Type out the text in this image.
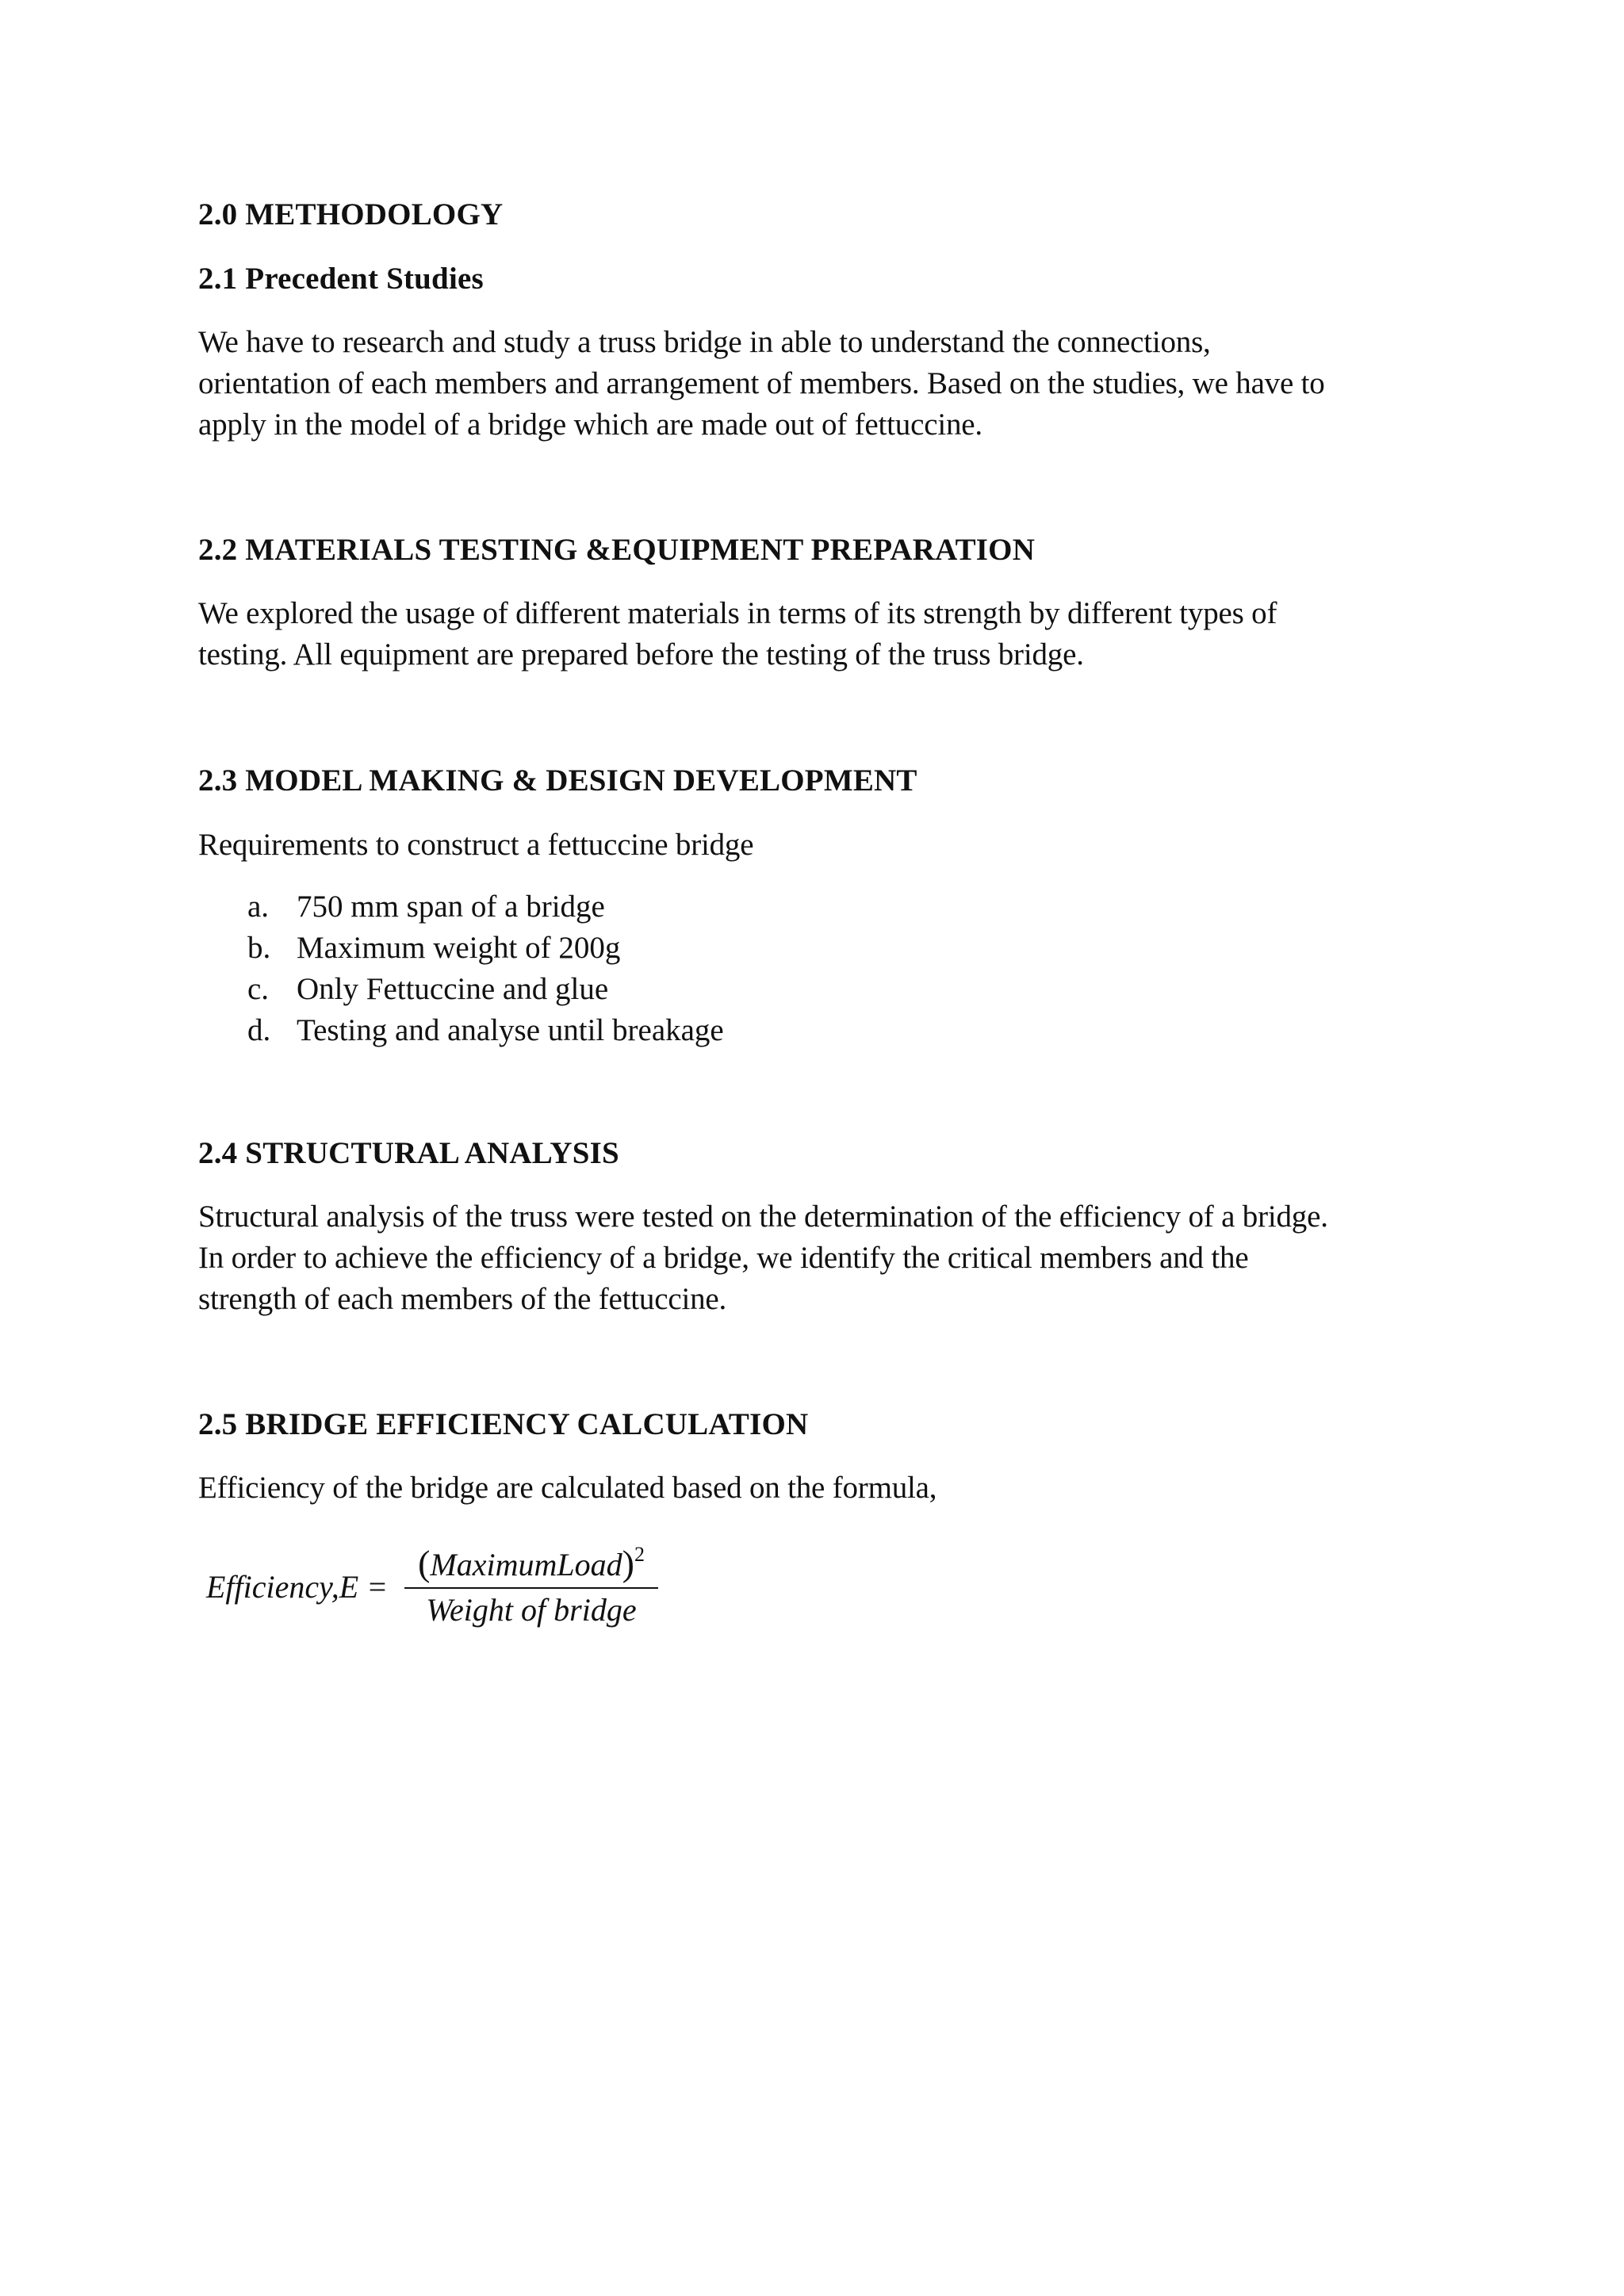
2.0 METHODOLOGY
2.1 Precedent Studies

We have to research and study a truss bridge in able to understand the connections,
orientation of each members and arrangement of members. Based on the studies, we have to
apply in the model of a bridge which are made out of fettuccine.

2.2 MATERIALS TESTING &EQUIPMENT PREPARATION

We explored the usage of different materials in terms of its strength by different types of
testing. All equipment are prepared before the testing of the truss bridge.

2.3 MODEL MAKING & DESIGN DEVELOPMENT

Requirements to construct a fettuccine bridge

a. 750 mm span of a bridge
b. Maximum weight of 200g
c. Only Fettuccine and glue
d. Testing and analyse until breakage
2.4 STRUCTURAL ANALYSIS

Structural analysis of the truss were tested on the determination of the efficiency of a bridge.
In order to achieve the efficiency of a bridge, we identify the critical members and the
strength of each members of the fettuccine.

2.5 BRIDGE EFFICIENCY CALCULATION

Efficiency of the bridge are calculated based on the formula,

Efficiency,E =
(MaximumLoad)$^2$
Weight of bridge
